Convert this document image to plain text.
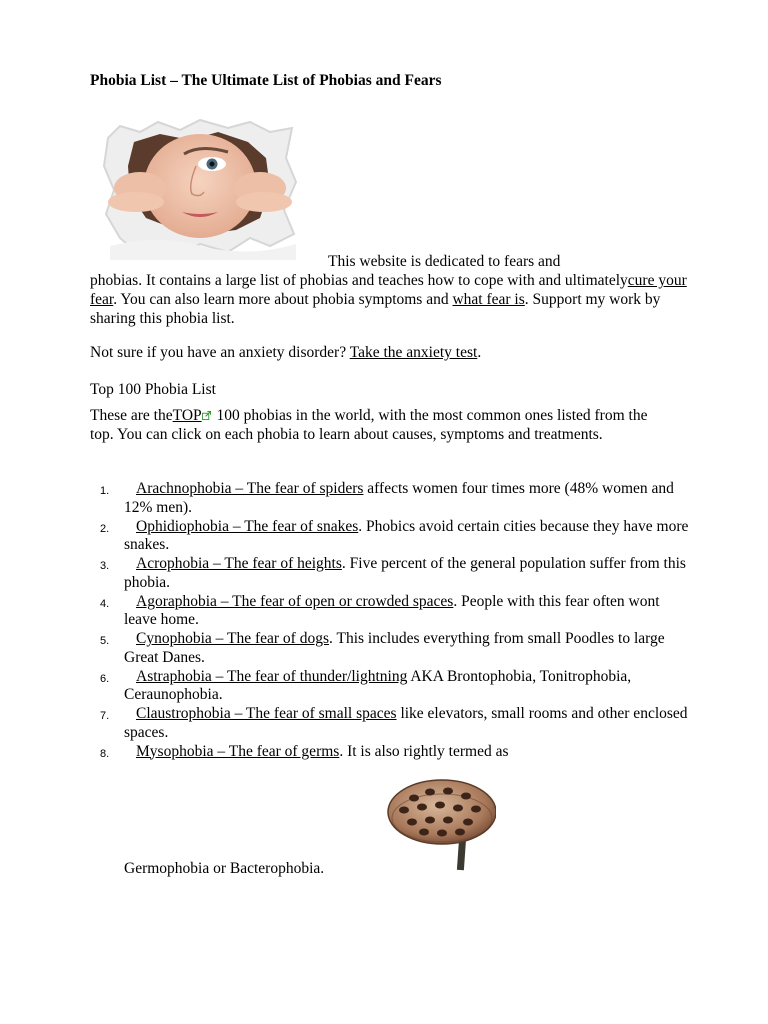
Phobia List – The Ultimate List of Phobias and Fears
This website is dedicated to fears and
phobias. It contains a large list of phobias and teaches how to cope with and ultimatelycure your fear. You can also learn more about phobia symptoms and what fear is. Support my work by sharing this phobia list.
Not sure if you have an anxiety disorder? Take the anxiety test.
Top 100 Phobia List
These are theTOP 100 phobias in the world, with the most common ones listed from the top. You can click on each phobia to learn about causes, symptoms and treatments.
1. Arachnophobia – The fear of spiders affects women four times more (48% women and 12% men).
2. Ophidiophobia – The fear of snakes. Phobics avoid certain cities because they have more snakes.
3. Acrophobia – The fear of heights. Five percent of the general population suffer from this phobia.
4. Agoraphobia – The fear of open or crowded spaces. People with this fear often wont leave home.
5. Cynophobia – The fear of dogs. This includes everything from small Poodles to large Great Danes.
6. Astraphobia – The fear of thunder/lightning AKA Brontophobia, Tonitrophobia, Ceraunophobia.
7. Claustrophobia – The fear of small spaces like elevators, small rooms and other enclosed spaces.
8. Mysophobia – The fear of germs. It is also rightly termed as
Germophobia or Bacterophobia.
